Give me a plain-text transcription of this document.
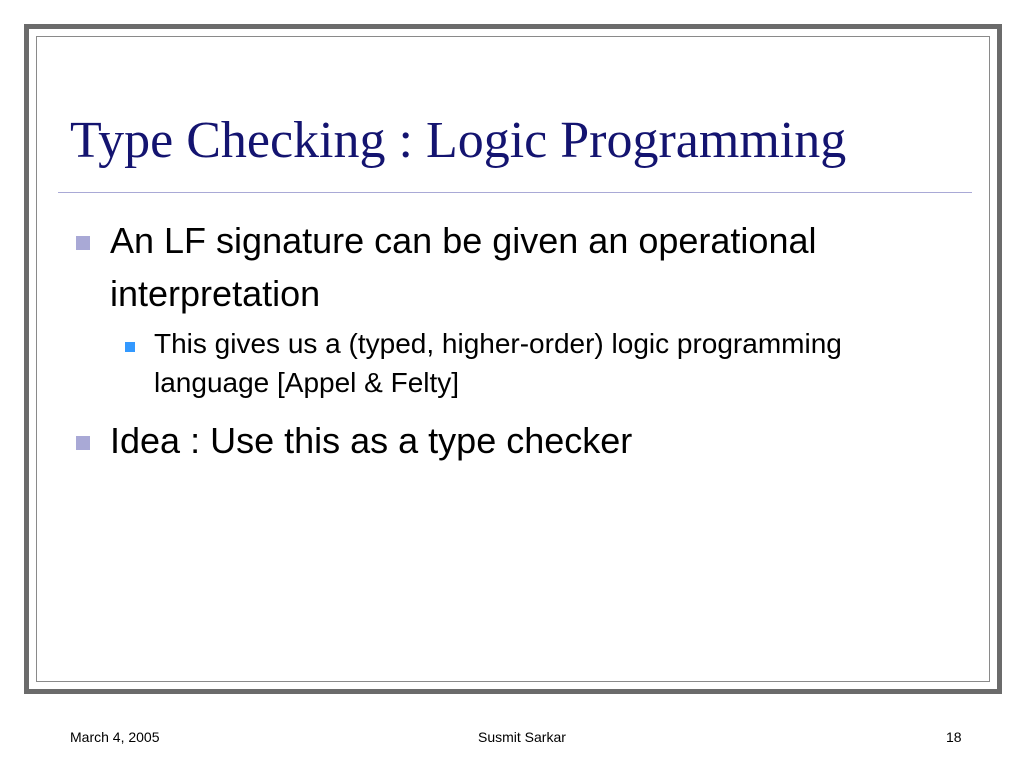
Type Checking : Logic Programming
An LF signature can be given an operational interpretation
This gives us a (typed, higher-order) logic programming language [Appel & Felty]
Idea : Use this as a type checker
March 4, 2005	Susmit Sarkar	18
